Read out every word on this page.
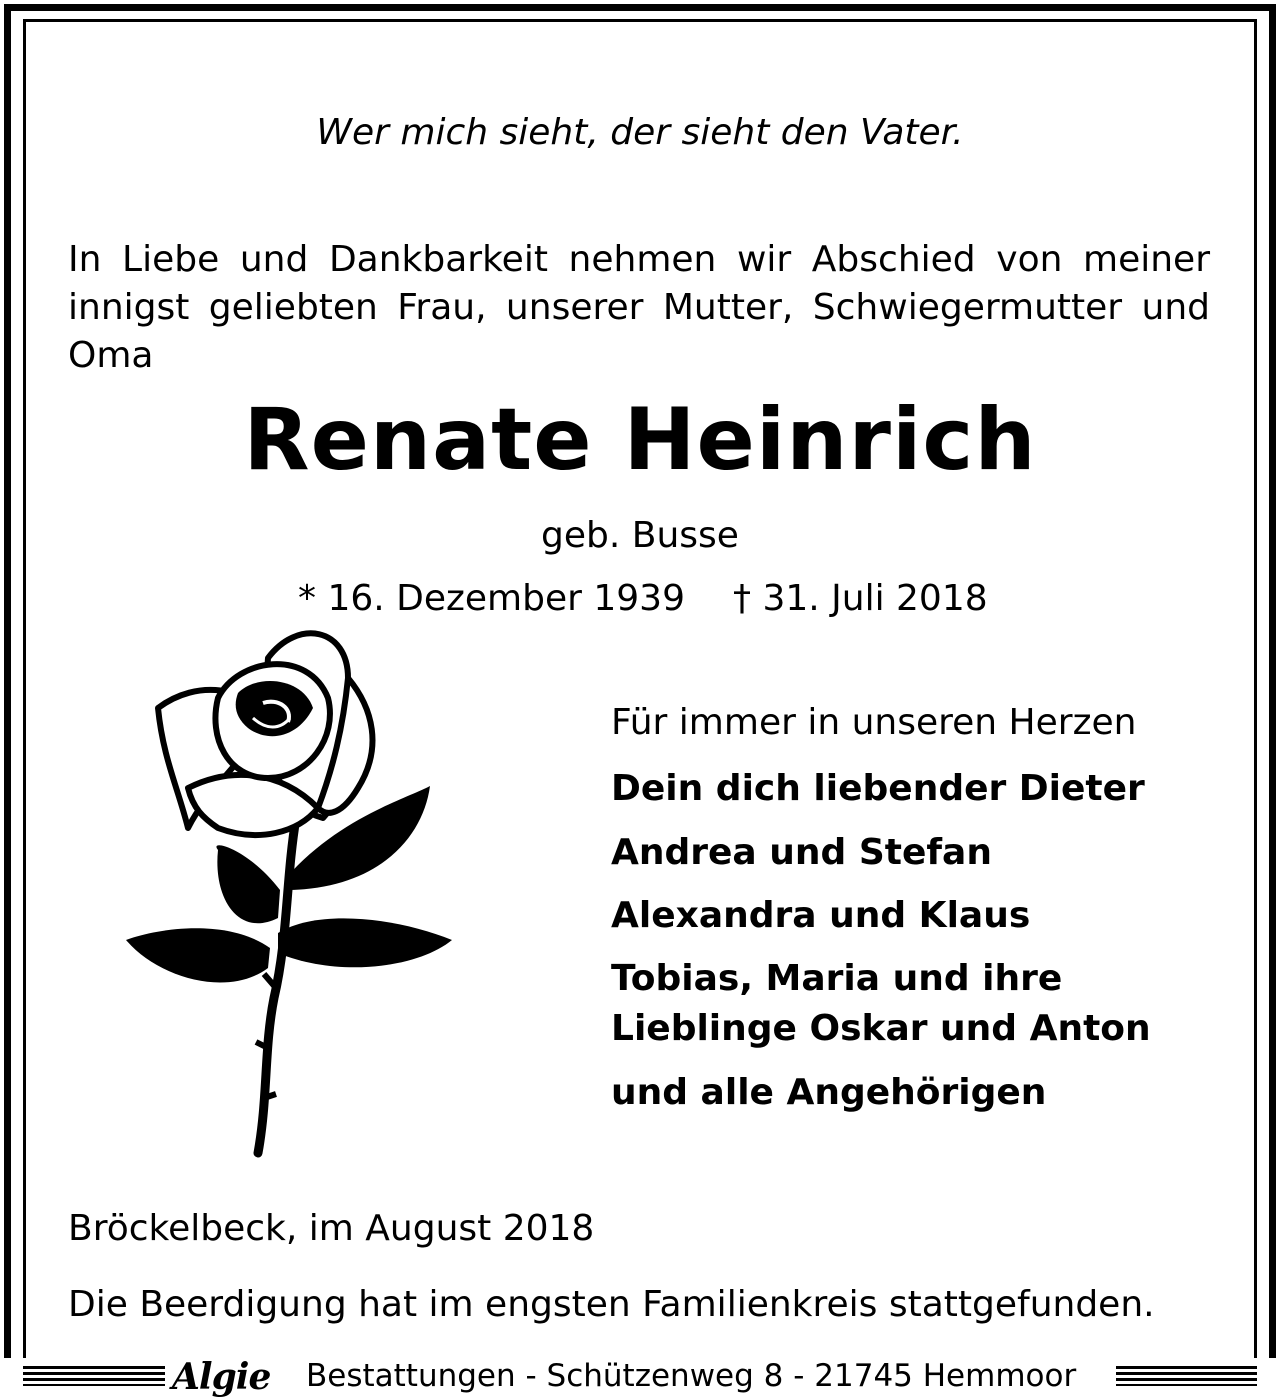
Wer mich sieht, der sieht den Vater.
In Liebe und Dankbarkeit nehmen wir Abschied von meiner
innigst geliebten Frau, unserer Mutter, Schwiegermutter und
Oma
Renate Heinrich
geb. Busse
* 16. Dezember 1939 † 31. Juli 2018
Für immer in unseren Herzen
Dein dich liebender Dieter
Andrea und Stefan
Alexandra und Klaus
Tobias, Maria und ihre
Lieblinge Oskar und Anton
und alle Angehörigen
Bröckelbeck, im August 2018
Die Beerdigung hat im engsten Familienkreis stattgefunden.
Algie Bestattungen - Schützenweg 8 - 21745 Hemmoor
